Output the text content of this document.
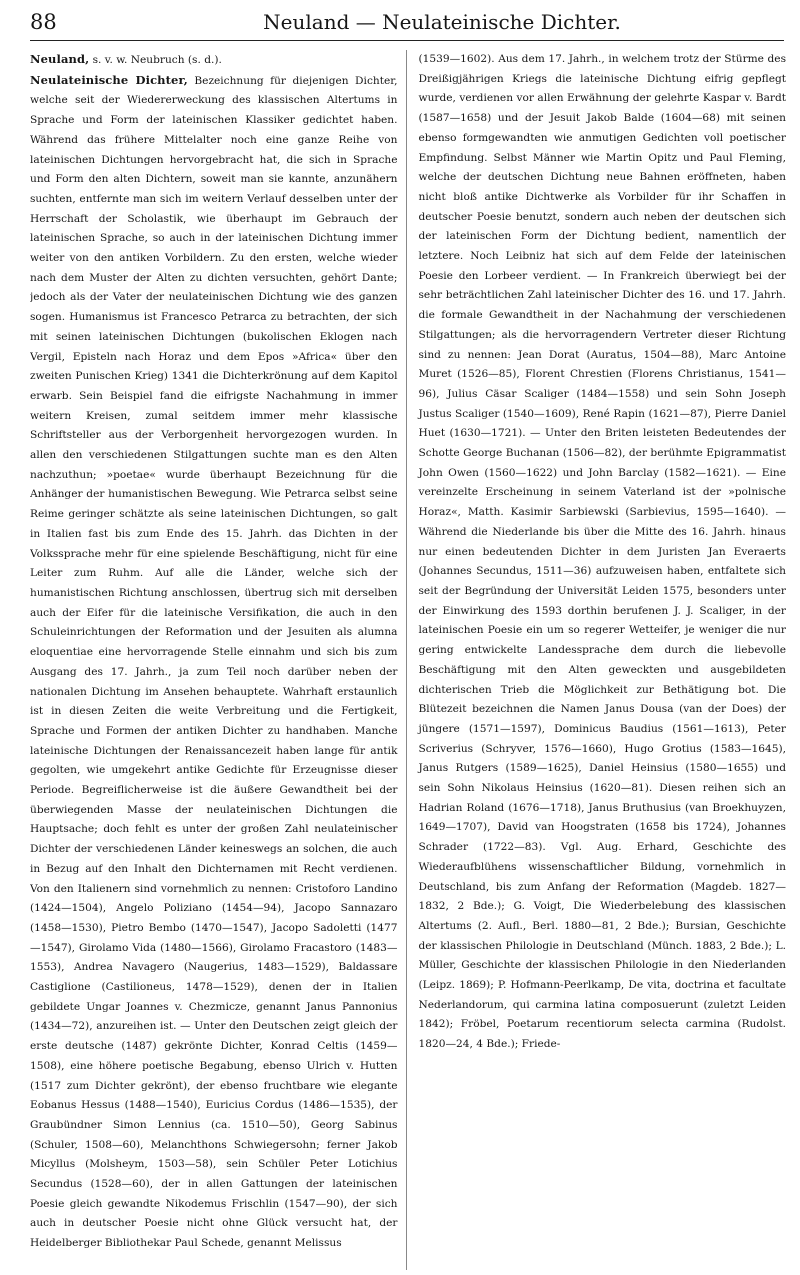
88	Neuland — Neulateinische Dichter.

Neuland, s. v. w. Neubruch (s. d.).

Neulateinische Dichter, Bezeichnung für diejenigen Dichter, welche seit der Wiedererweckung des klassischen Altertums in Sprache und Form der lateinischen Klassiker gedichtet haben. Während das frühere Mittelalter noch eine ganze Reihe von lateinischen Dichtungen hervorgebracht hat, die sich in Sprache und Form den alten Dichtern, soweit man sie kannte, anzunähern suchten, entfernte man sich im weitern Verlauf desselben unter der Herrschaft der Scholastik, wie überhaupt im Gebrauch der lateinischen Sprache, so auch in der lateinischen Dichtung immer weiter von den antiken Vorbildern. Zu den ersten, welche wieder nach dem Muster der Alten zu dichten versuchten, gehört Dante; jedoch als der Vater der neulateinischen Dichtung wie des ganzen sogen. Humanismus ist Francesco Petrarca zu betrachten, der sich mit seinen lateinischen Dichtungen (bukolischen Eklogen nach Vergil, Episteln nach Horaz und dem Epos »Africa« über den zweiten Punischen Krieg) 1341 die Dichterkrönung auf dem Kapitol erwarb. Sein Beispiel fand die eifrigste Nachahmung in immer weitern Kreisen, zumal seitdem immer mehr klassische Schriftsteller aus der Verborgenheit hervorgezogen wurden. In allen den verschiedenen Stilgattungen suchte man es den Alten nachzuthun; »poetae« wurde überhaupt Bezeichnung für die Anhänger der humanistischen Bewegung. Wie Petrarca selbst seine Reime geringer schätzte als seine lateinischen Dichtungen, so galt in Italien fast bis zum Ende des 15. Jahrh. das Dichten in der Volkssprache mehr für eine spielende Beschäftigung, nicht für eine Leiter zum Ruhm. Auf alle die Länder, welche sich der humanistischen Richtung anschlossen, übertrug sich mit derselben auch der Eifer für die lateinische Versifikation, die auch in den Schuleinrichtungen der Reformation und der Jesuiten als alumna eloquentiae eine hervorragende Stelle einnahm und sich bis zum Ausgang des 17. Jahrh., ja zum Teil noch darüber neben der nationalen Dichtung im Ansehen behauptete. Wahrhaft erstaunlich ist in diesen Zeiten die weite Verbreitung und die Fertigkeit, Sprache und Formen der antiken Dichter zu handhaben. Manche lateinische Dichtungen der Renaissancezeit haben lange für antik gegolten, wie umgekehrt antike Gedichte für Erzeugnisse dieser Periode. Begreiflicherweise ist die äußere Gewandtheit bei der überwiegenden Masse der neulateinischen Dichtungen die Hauptsache; doch fehlt es unter der großen Zahl neulateinischer Dichter der verschiedenen Länder keineswegs an solchen, die auch in Bezug auf den Inhalt den Dichternamen mit Recht verdienen. Von den Italienern sind vornehmlich zu nennen: Cristoforo Landino (1424—1504), Angelo Poliziano (1454—94), Jacopo Sannazaro (1458—1530), Pietro Bembo (1470—1547), Jacopo Sadoletti (1477—1547), Girolamo Vida (1480—1566), Girolamo Fracastoro (1483—1553), Andrea Navagero (Naugerius, 1483—1529), Baldassare Castiglione (Castilioneus, 1478—1529), denen der in Italien gebildete Ungar Joannes v. Chezmicze, genannt Janus Pannonius (1434—72), anzureihen ist. — Unter den Deutschen zeigt gleich der erste deutsche (1487) gekrönte Dichter, Konrad Celtis (1459—1508), eine höhere poetische Begabung, ebenso Ulrich v. Hutten (1517 zum Dichter gekrönt), der ebenso fruchtbare wie elegante Eobanus Hessus (1488—1540), Euricius Cordus (1486—1535), der Graubündner Simon Lennius (ca. 1510—50), Georg Sabinus (Schuler, 1508—60), Melanchthons Schwiegersohn; ferner Jakob Micyllus (Molsheym, 1503—58), sein Schüler Peter Lotichius Secundus (1528—60), der in allen Gattungen der lateinischen Poesie gleich gewandte Nikodemus Frischlin (1547—90), der sich auch in deutscher Poesie nicht ohne Glück versucht hat, der Heidelberger Bibliothekar Paul Schede, genannt Melissus

(1539—1602). Aus dem 17. Jahrh., in welchem trotz der Stürme des Dreißigjährigen Kriegs die lateinische Dichtung eifrig gepflegt wurde, verdienen vor allen Erwähnung der gelehrte Kaspar v. Bardt (1587—1658) und der Jesuit Jakob Balde (1604—68) mit seinen ebenso formgewandten wie anmutigen Gedichten voll poetischer Empfindung. Selbst Männer wie Martin Opitz und Paul Fleming, welche der deutschen Dichtung neue Bahnen eröffneten, haben nicht bloß antike Dichtwerke als Vorbilder für ihr Schaffen in deutscher Poesie benutzt, sondern auch neben der deutschen sich der lateinischen Form der Dichtung bedient, namentlich der letztere. Noch Leibniz hat sich auf dem Felde der lateinischen Poesie den Lorbeer verdient. — In Frankreich überwiegt bei der sehr beträchtlichen Zahl lateinischer Dichter des 16. und 17. Jahrh. die formale Gewandtheit in der Nachahmung der verschiedenen Stilgattungen; als die hervorragendern Vertreter dieser Richtung sind zu nennen: Jean Dorat (Auratus, 1504—88), Marc Antoine Muret (1526—85), Florent Chrestien (Florens Christianus, 1541—96), Julius Cäsar Scaliger (1484—1558) und sein Sohn Joseph Justus Scaliger (1540—1609), René Rapin (1621—87), Pierre Daniel Huet (1630—1721). — Unter den Briten leisteten Bedeutendes der Schotte George Buchanan (1506—82), der berühmte Epigrammatist John Owen (1560—1622) und John Barclay (1582—1621). — Eine vereinzelte Erscheinung in seinem Vaterland ist der »polnische Horaz«, Matth. Kasimir Sarbiewski (Sarbievius, 1595—1640). — Während die Niederlande bis über die Mitte des 16. Jahrh. hinaus nur einen bedeutenden Dichter in dem Juristen Jan Everaerts (Johannes Secundus, 1511—36) aufzuweisen haben, entfaltete sich seit der Begründung der Universität Leiden 1575, besonders unter der Einwirkung des 1593 dorthin berufenen J. J. Scaliger, in der lateinischen Poesie ein um so regerer Wetteifer, je weniger die nur gering entwickelte Landessprache dem durch die liebevolle Beschäftigung mit den Alten geweckten und ausgebildeten dichterischen Trieb die Möglichkeit zur Bethätigung bot. Die Blütezeit bezeichnen die Namen Janus Dousa (van der Does) der jüngere (1571—1597), Dominicus Baudius (1561—1613), Peter Scriverius (Schryver, 1576—1660), Hugo Grotius (1583—1645), Janus Rutgers (1589—1625), Daniel Heinsius (1580—1655) und sein Sohn Nikolaus Heinsius (1620—81). Diesen reihen sich an Hadrian Roland (1676—1718), Janus Bruthusius (van Broekhuyzen, 1649—1707), David van Hoogstraten (1658 bis 1724), Johannes Schrader (1722—83). Vgl. Aug. Erhard, Geschichte des Wiederaufblühens wissenschaftlicher Bildung, vornehmlich in Deutschland, bis zum Anfang der Reformation (Magdeb. 1827—1832, 2 Bde.); G. Voigt, Die Wiederbelebung des klassischen Altertums (2. Aufl., Berl. 1880—81, 2 Bde.); Bursian, Geschichte der klassischen Philologie in Deutschland (Münch. 1883, 2 Bde.); L. Müller, Geschichte der klassischen Philologie in den Niederlanden (Leipz. 1869); P. Hofmann-Peerlkamp, De vita, doctrina et facultate Nederlandorum, qui carmina latina composuerunt (zuletzt Leiden 1842); Fröbel, Poetarum recentiorum selecta carmina (Rudolst. 1820—24, 4 Bde.); Friede-
